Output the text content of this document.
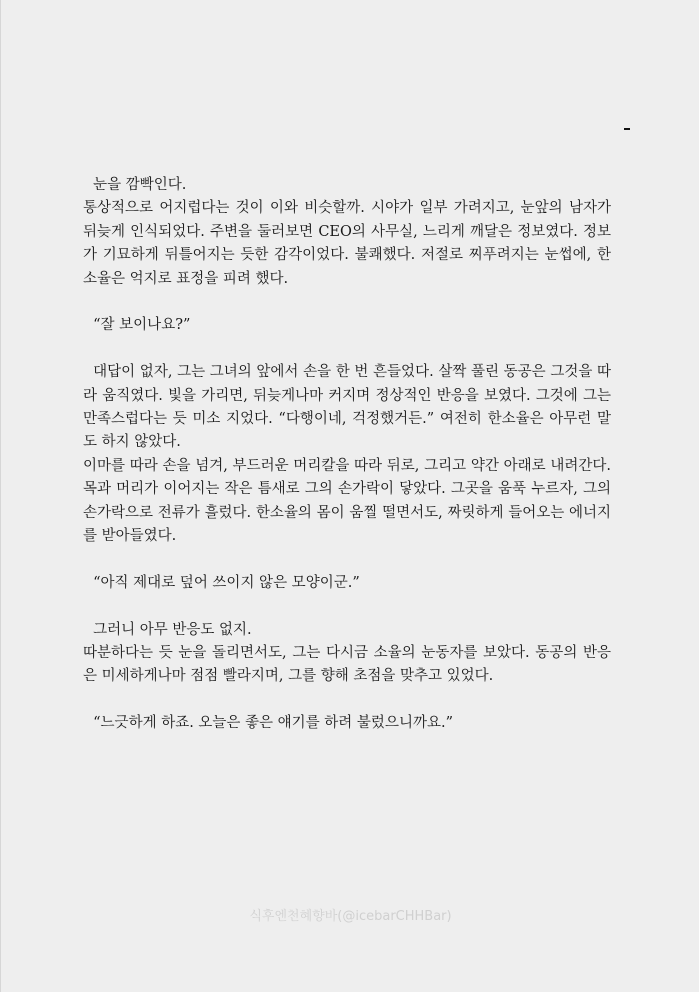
눈을 깜빡인다.

통상적으로 어지럽다는 것이 이와 비슷할까. 시야가 일부 가려지고, 눈앞의 남자가 뒤늦게 인식되었다. 주변을 둘러보면 CEO의 사무실, 느리게 깨달은 정보였다. 정보가 기묘하게 뒤틀어지는 듯한 감각이었다. 불쾌했다. 저절로 찌푸려지는 눈썹에, 한소율은 억지로 표정을 피려 했다.

“잘 보이나요?”

대답이 없자, 그는 그녀의 앞에서 손을 한 번 흔들었다. 살짝 풀린 동공은 그것을 따라 움직였다. 빛을 가리면, 뒤늦게나마 커지며 정상적인 반응을 보였다. 그것에 그는 만족스럽다는 듯 미소 지었다. “다행이네, 걱정했거든.” 여전히 한소율은 아무런 말도 하지 않았다.

이마를 따라 손을 넘겨, 부드러운 머리칼을 따라 뒤로, 그리고 약간 아래로 내려간다. 목과 머리가 이어지는 작은 틈새로 그의 손가락이 닿았다. 그곳을 움푹 누르자, 그의 손가락으로 전류가 흘렀다. 한소율의 몸이 움찔 떨면서도, 짜릿하게 들어오는 에너지를 받아들였다.

“아직 제대로 덮어 쓰이지 않은 모양이군.”

그러니 아무 반응도 없지.

따분하다는 듯 눈을 돌리면서도, 그는 다시금 소율의 눈동자를 보았다. 동공의 반응은 미세하게나마 점점 빨라지며, 그를 향해 초점을 맞추고 있었다.

“느긋하게 하죠. 오늘은 좋은 얘기를 하려 불렀으니까요.”

식후엔천혜향바(@icebarCHHBar)
